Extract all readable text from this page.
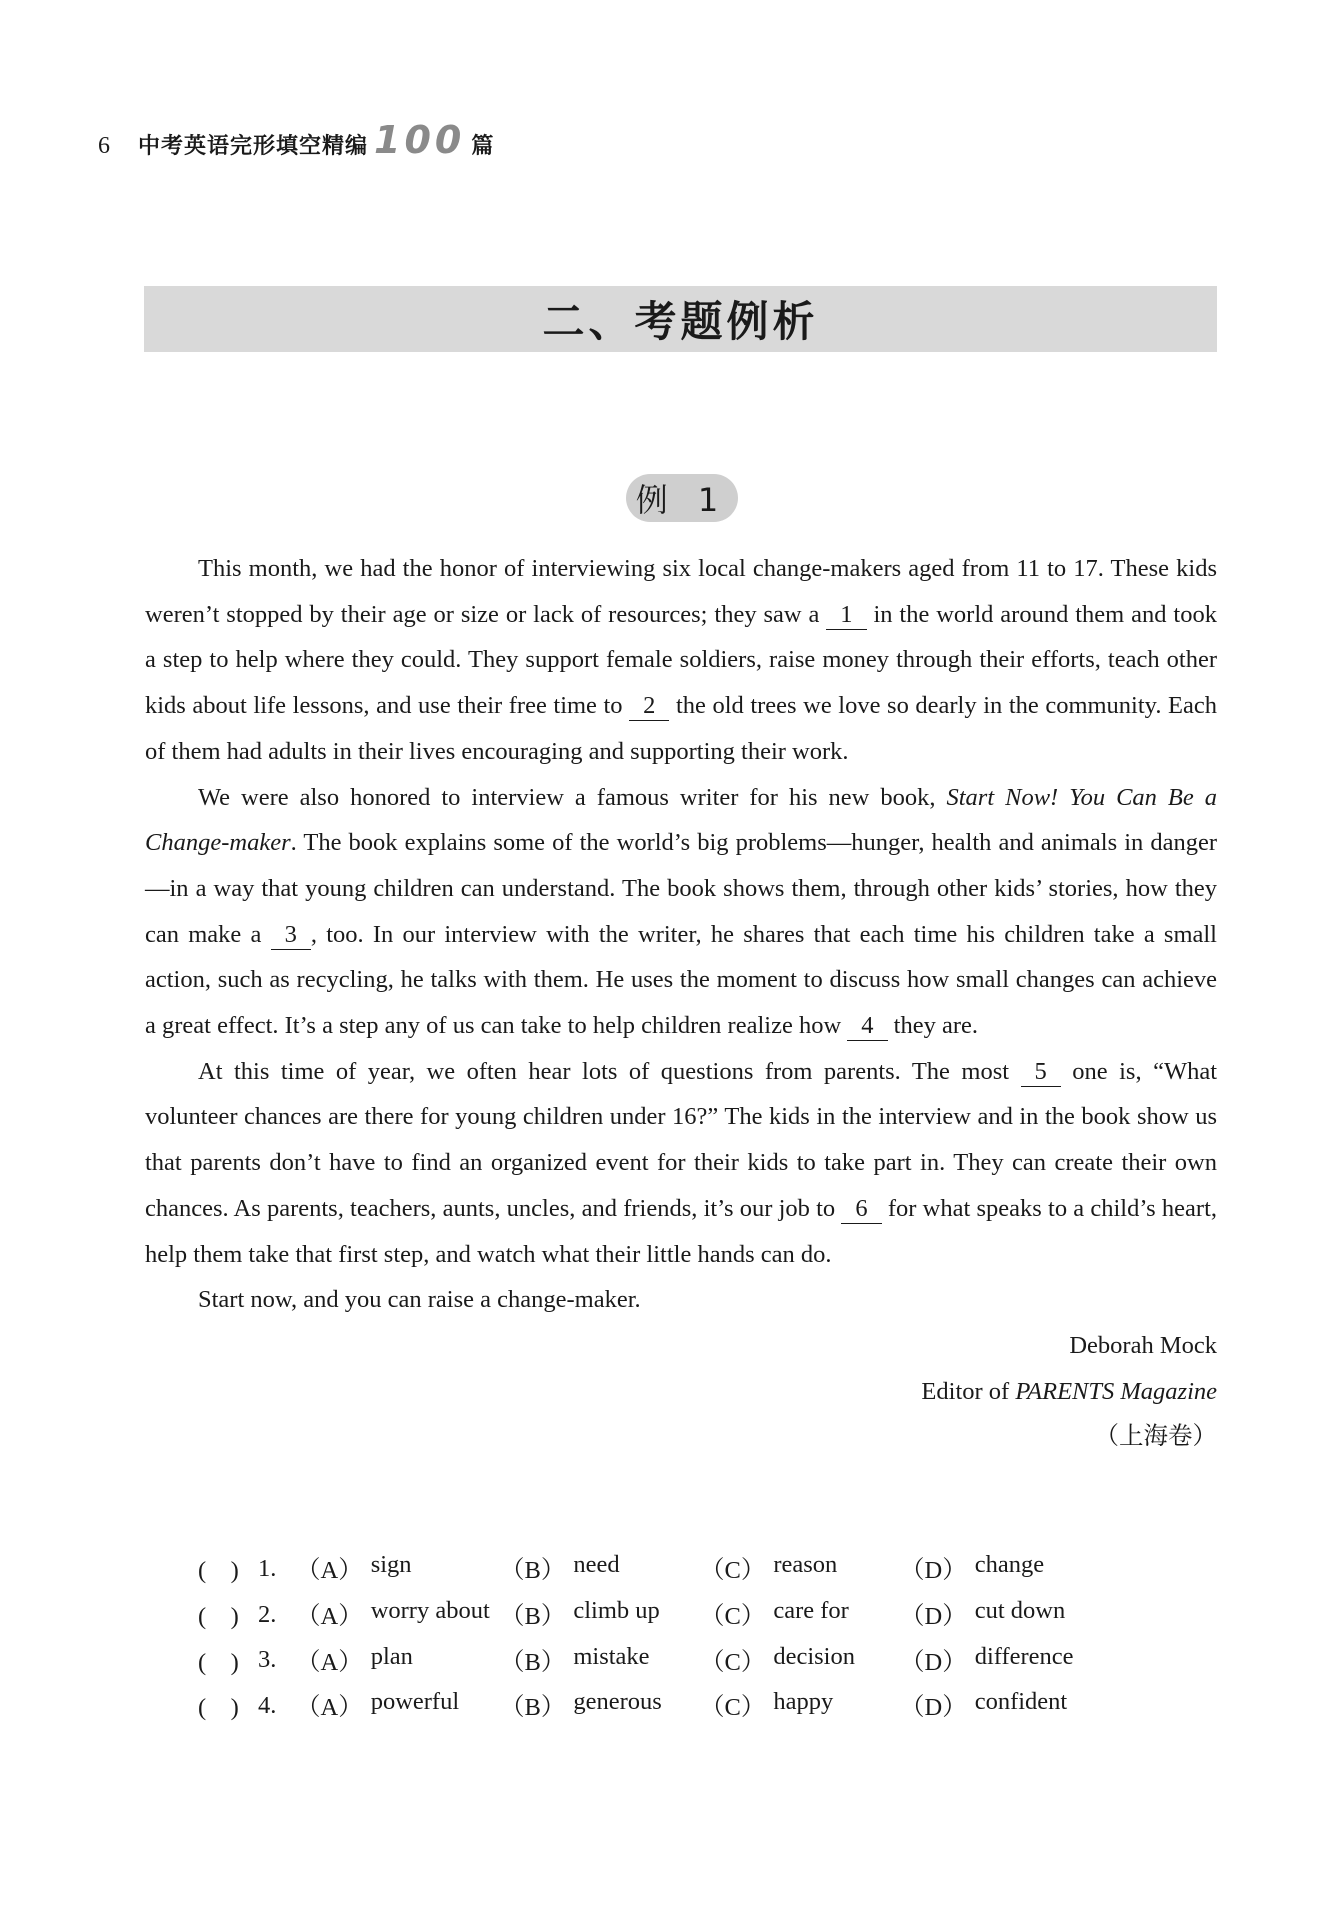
6 中考英语完形填空精编 100 篇
二、考题例析
例 1

This month, we had the honor of interviewing six local change-makers aged from 11 to 17. These kids weren’t stopped by their age or size or lack of resources; they saw a 1 in the world around them and took a step to help where they could. They support female soldiers, raise money through their efforts, teach other kids about life lessons, and use their free time to 2 the old trees we love so dearly in the community. Each of them had adults in their lives encouraging and supporting their work.

We were also honored to interview a famous writer for his new book, Start Now! You Can Be a Change-maker. The book explains some of the world’s big problems—hunger, health and animals in danger—in a way that young children can understand. The book shows them, through other kids’ stories, how they can make a 3 , too. In our interview with the writer, he shares that each time his children take a small action, such as recycling, he talks with them. He uses the moment to discuss how small changes can achieve a great effect. It’s a step any of us can take to help children realize how 4 they are.

At this time of year, we often hear lots of questions from parents. The most 5 one is, “What volunteer chances are there for young children under 16?” The kids in the interview and in the book show us that parents don’t have to find an organized event for their kids to take part in. They can create their own chances. As parents, teachers, aunts, uncles, and friends, it’s our job to 6 for what speaks to a child’s heart, help them take that first step, and watch what their little hands can do.

Start now, and you can raise a change-maker.

Deborah Mock
Editor of PARENTS Magazine
（上海卷）
(　) 1. （A） sign	（B） need	（C） reason	（D） change
(　) 2. （A） worry about （B） climb up （C） care for （D） cut down
(　) 3. （A） plan	（B） mistake （C） decision （D） difference
(　) 4. （A） powerful （B） generous （C） happy	（D） confident
